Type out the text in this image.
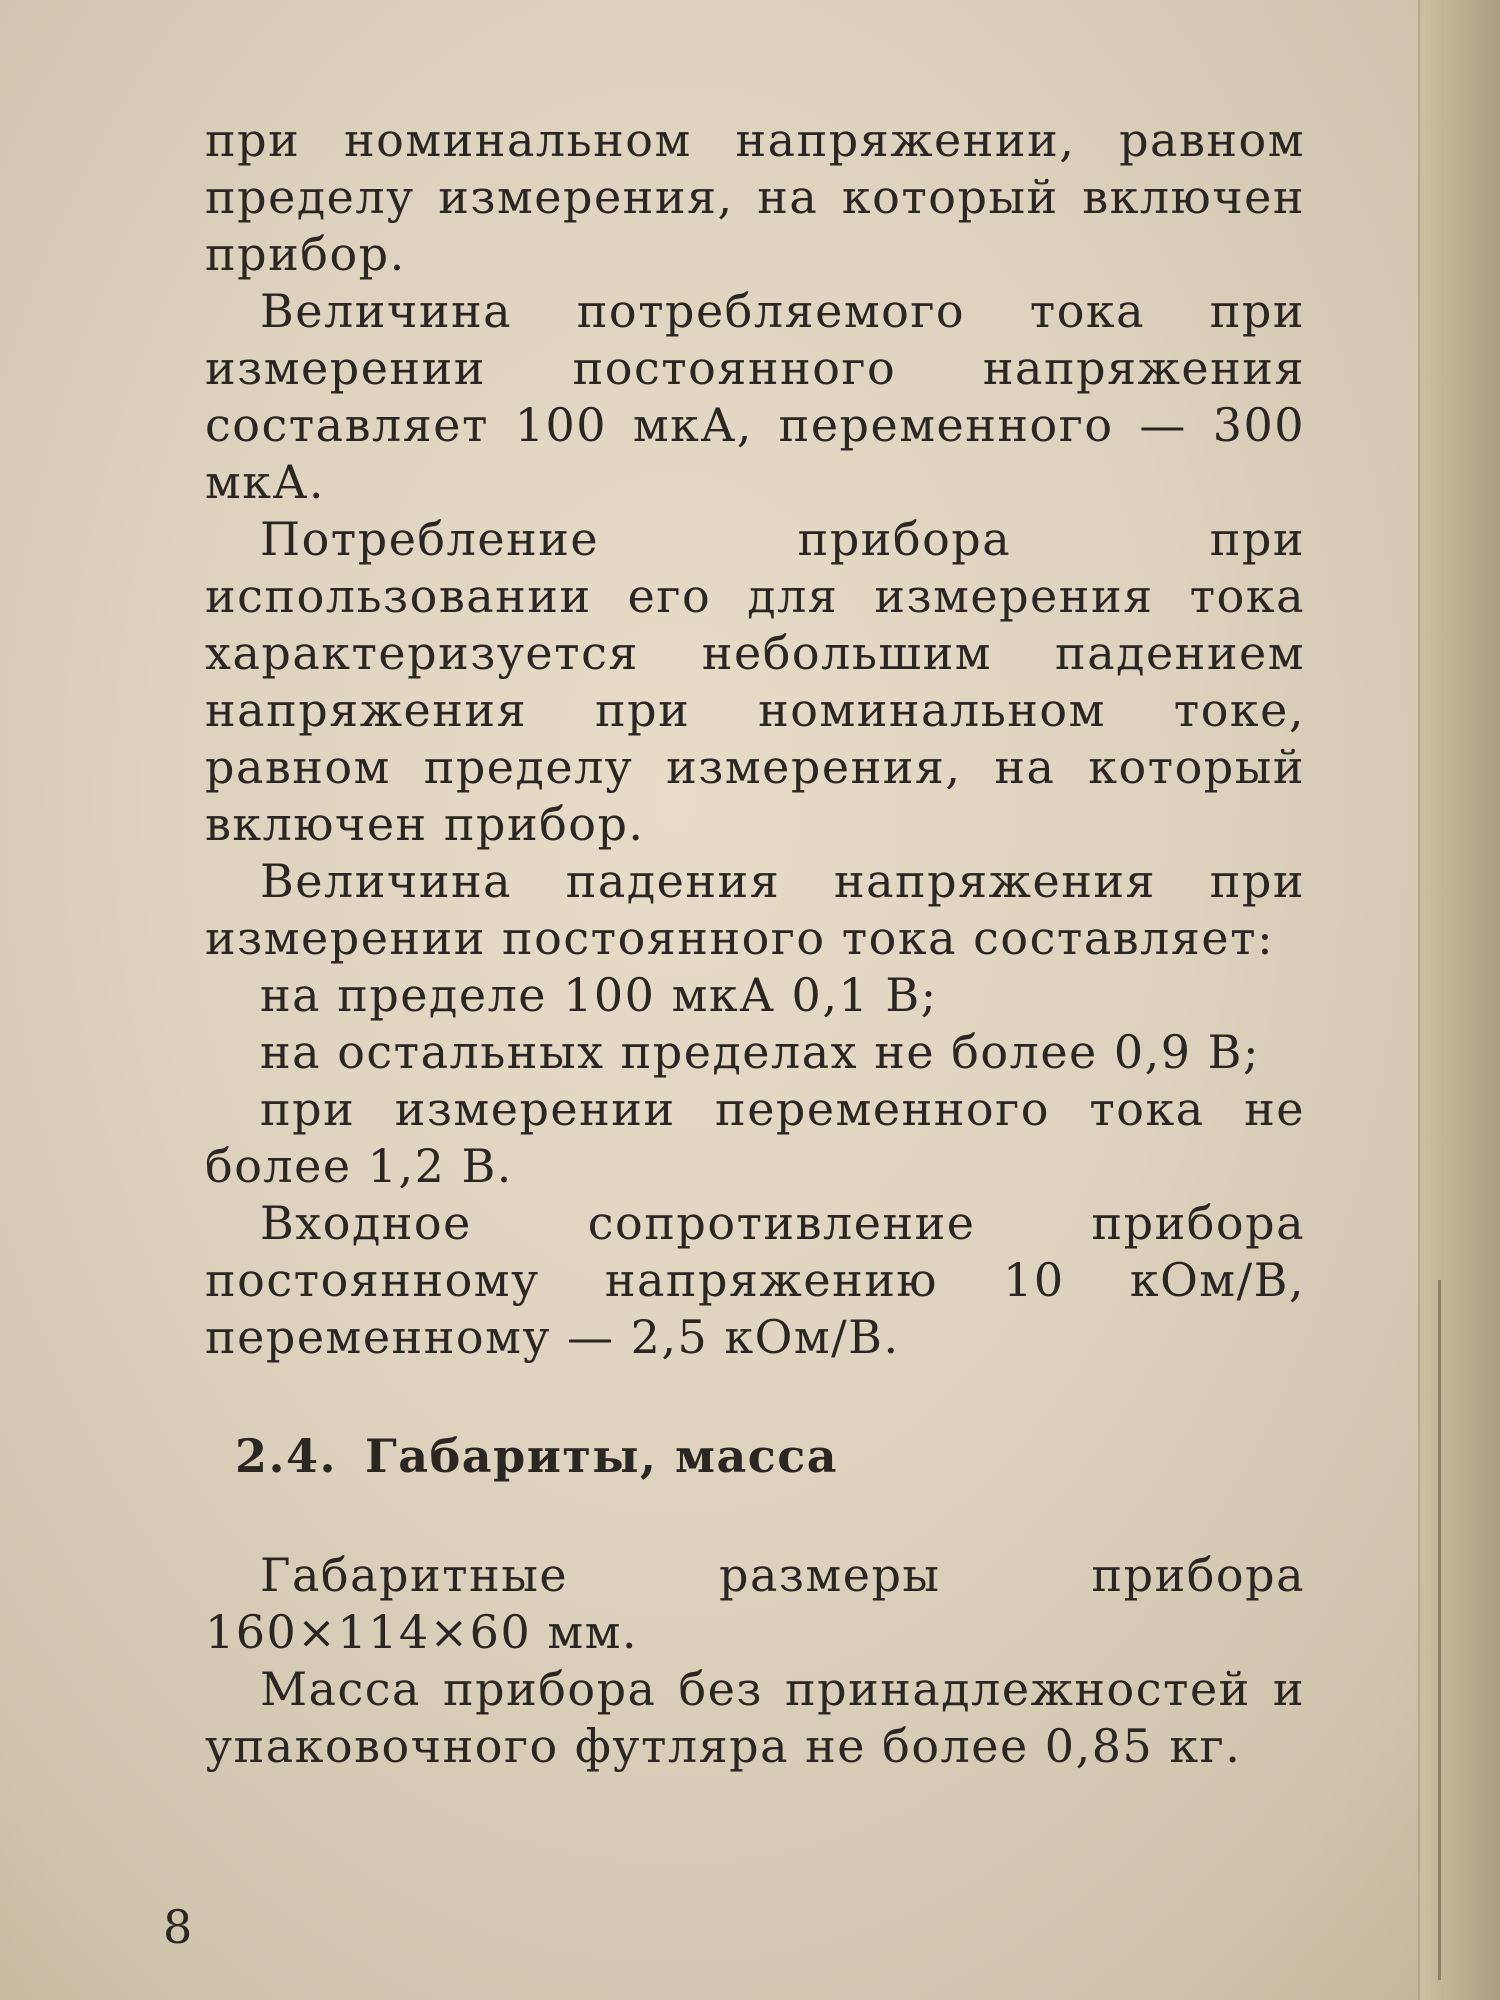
при номинальном напряжении, равном пределу измерения, на который включен прибор.

Величина потребляемого тока при измерении постоянного напряжения составляет 100 мкА, переменного — 300 мкА.

Потребление прибора при использовании его для измерения тока характеризуется небольшим падением напряжения при номинальном токе, равном пределу измерения, на который включен прибор.

Величина падения напряжения при измерении постоянного тока составляет:

на пределе 100 мкА 0,1 В;

на остальных пределах не более 0,9 В;

при измерении переменного тока не более 1,2 В.

Входное сопротивление прибора постоянному напряжению 10 кОм/В, переменному — 2,5 кОм/В.

2.4. Габариты, масса

Габаритные размеры прибора 160×114×60 мм.

Масса прибора без принадлежностей и упаковочного футляра не более 0,85 кг.

8
